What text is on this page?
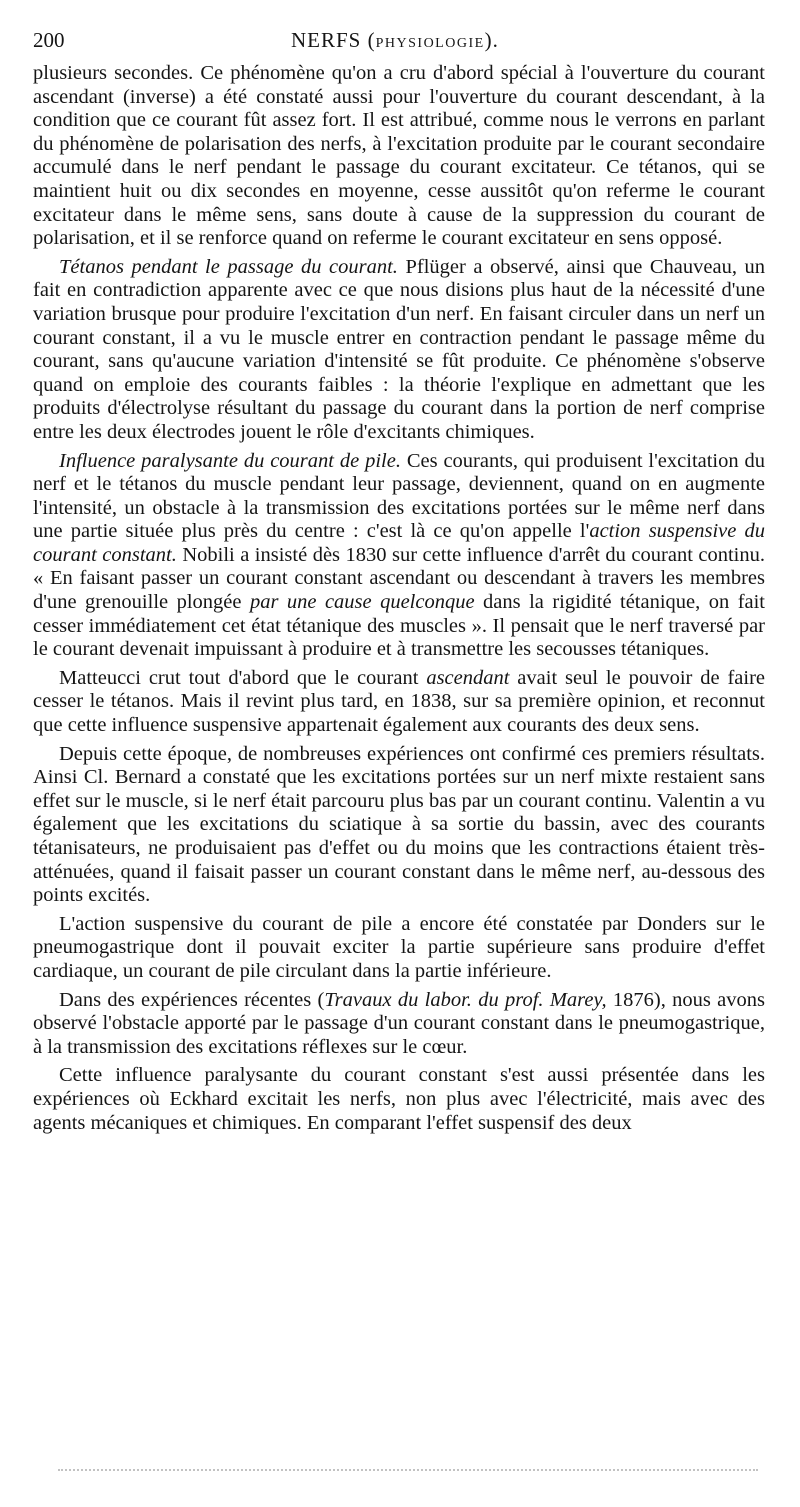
200	NERFS (PHYSIOLOGIE).

plusieurs secondes. Ce phénomène qu'on a cru d'abord spécial à l'ouverture du courant ascendant (inverse) a été constaté aussi pour l'ouverture du courant descendant, à la condition que ce courant fût assez fort. Il est attribué, comme nous le verrons en parlant du phénomène de polarisation des nerfs, à l'excitation produite par le courant secondaire accumulé dans le nerf pendant le passage du courant excitateur. Ce tétanos, qui se maintient huit ou dix secondes en moyenne, cesse aussitôt qu'on referme le courant excitateur dans le même sens, sans doute à cause de la suppression du courant de polarisation, et il se renforce quand on referme le courant excitateur en sens opposé.

Tétanos pendant le passage du courant. Pflüger a observé, ainsi que Chauveau, un fait en contradiction apparente avec ce que nous disions plus haut de la nécessité d'une variation brusque pour produire l'excitation d'un nerf. En faisant circuler dans un nerf un courant constant, il a vu le muscle entrer en contraction pendant le passage même du courant, sans qu'aucune variation d'intensité se fût produite. Ce phénomène s'observe quand on emploie des courants faibles : la théorie l'explique en admettant que les produits d'électrolyse résultant du passage du courant dans la portion de nerf comprise entre les deux électrodes jouent le rôle d'excitants chimiques.

Influence paralysante du courant de pile. Ces courants, qui produisent l'excitation du nerf et le tétanos du muscle pendant leur passage, deviennent, quand on en augmente l'intensité, un obstacle à la transmission des excitations portées sur le même nerf dans une partie située plus près du centre : c'est là ce qu'on appelle l'action suspensive du courant constant. Nobili a insisté dès 1830 sur cette influence d'arrêt du courant continu. « En faisant passer un courant constant ascendant ou descendant à travers les membres d'une grenouille plongée par une cause quelconque dans la rigidité tétanique, on fait cesser immédiatement cet état tétanique des muscles ». Il pensait que le nerf traversé par le courant devenait impuissant à produire et à transmettre les secousses tétaniques.

Matteucci crut tout d'abord que le courant ascendant avait seul le pouvoir de faire cesser le tétanos. Mais il revint plus tard, en 1838, sur sa première opinion, et reconnut que cette influence suspensive appartenait également aux courants des deux sens.

Depuis cette époque, de nombreuses expériences ont confirmé ces premiers résultats. Ainsi Cl. Bernard a constaté que les excitations portées sur un nerf mixte restaient sans effet sur le muscle, si le nerf était parcouru plus bas par un courant continu. Valentin a vu également que les excitations du sciatique à sa sortie du bassin, avec des courants tétanisateurs, ne produisaient pas d'effet ou du moins que les contractions étaient très-atténuées, quand il faisait passer un courant constant dans le même nerf, au-dessous des points excités.

L'action suspensive du courant de pile a encore été constatée par Donders sur le pneumogastrique dont il pouvait exciter la partie supérieure sans produire d'effet cardiaque, un courant de pile circulant dans la partie inférieure.

Dans des expériences récentes (Travaux du labor. du prof. Marey, 1876), nous avons observé l'obstacle apporté par le passage d'un courant constant dans le pneumogastrique, à la transmission des excitations réflexes sur le cœur.

Cette influence paralysante du courant constant s'est aussi présentée dans les expériences où Eckhard excitait les nerfs, non plus avec l'électricité, mais avec des agents mécaniques et chimiques. En comparant l'effet suspensif des deux
